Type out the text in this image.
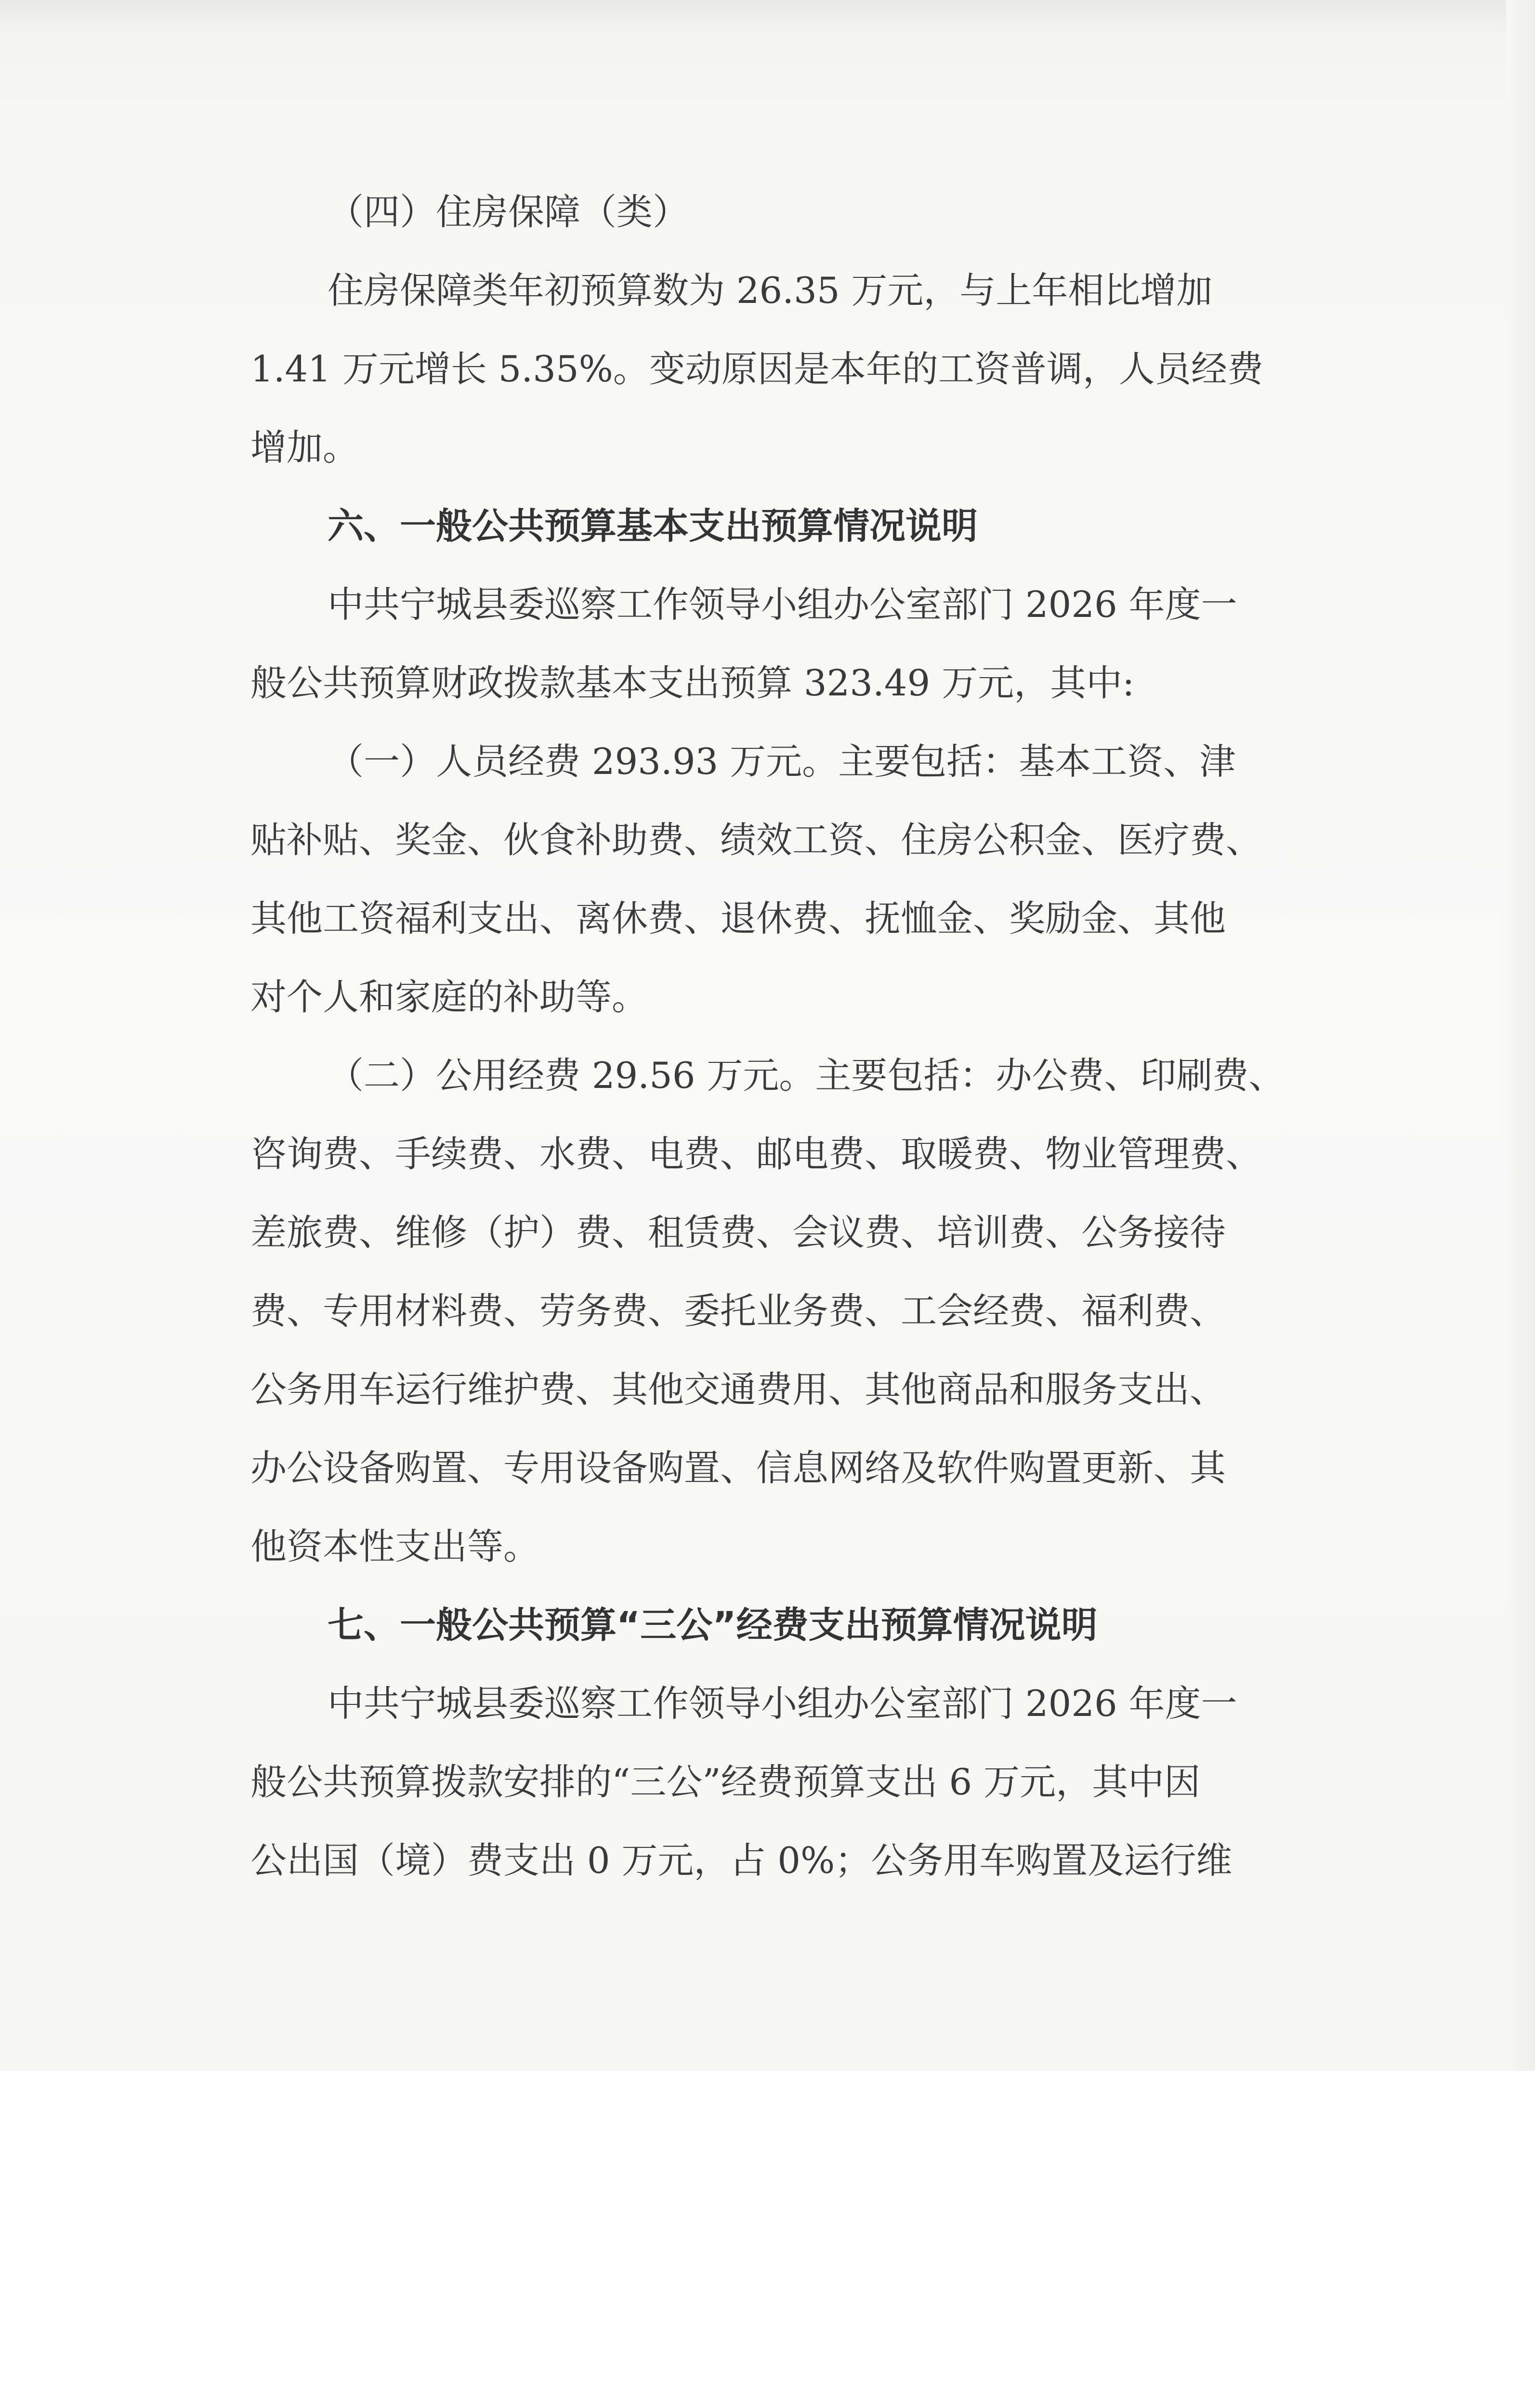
（四）住房保障（类）
住房保障类年初预算数为 26.35 万元，与上年相比增加
1.41 万元增长 5.35%。变动原因是本年的工资普调，人员经费
增加。
六、一般公共预算基本支出预算情况说明
中共宁城县委巡察工作领导小组办公室部门 2026 年度一
般公共预算财政拨款基本支出预算 323.49 万元，其中:
（一）人员经费 293.93 万元。主要包括：基本工资、津
贴补贴、奖金、伙食补助费、绩效工资、住房公积金、医疗费、
其他工资福利支出、离休费、退休费、抚恤金、奖励金、其他
对个人和家庭的补助等。
（二）公用经费 29.56 万元。主要包括：办公费、印刷费、
咨询费、手续费、水费、电费、邮电费、取暖费、物业管理费、
差旅费、维修（护）费、租赁费、会议费、培训费、公务接待
费、专用材料费、劳务费、委托业务费、工会经费、福利费、
公务用车运行维护费、其他交通费用、其他商品和服务支出、
办公设备购置、专用设备购置、信息网络及软件购置更新、其
他资本性支出等。
七、一般公共预算“三公”经费支出预算情况说明
中共宁城县委巡察工作领导小组办公室部门 2026 年度一
般公共预算拨款安排的“三公”经费预算支出 6 万元，其中因
公出国（境）费支出 0 万元，占 0%；公务用车购置及运行维
